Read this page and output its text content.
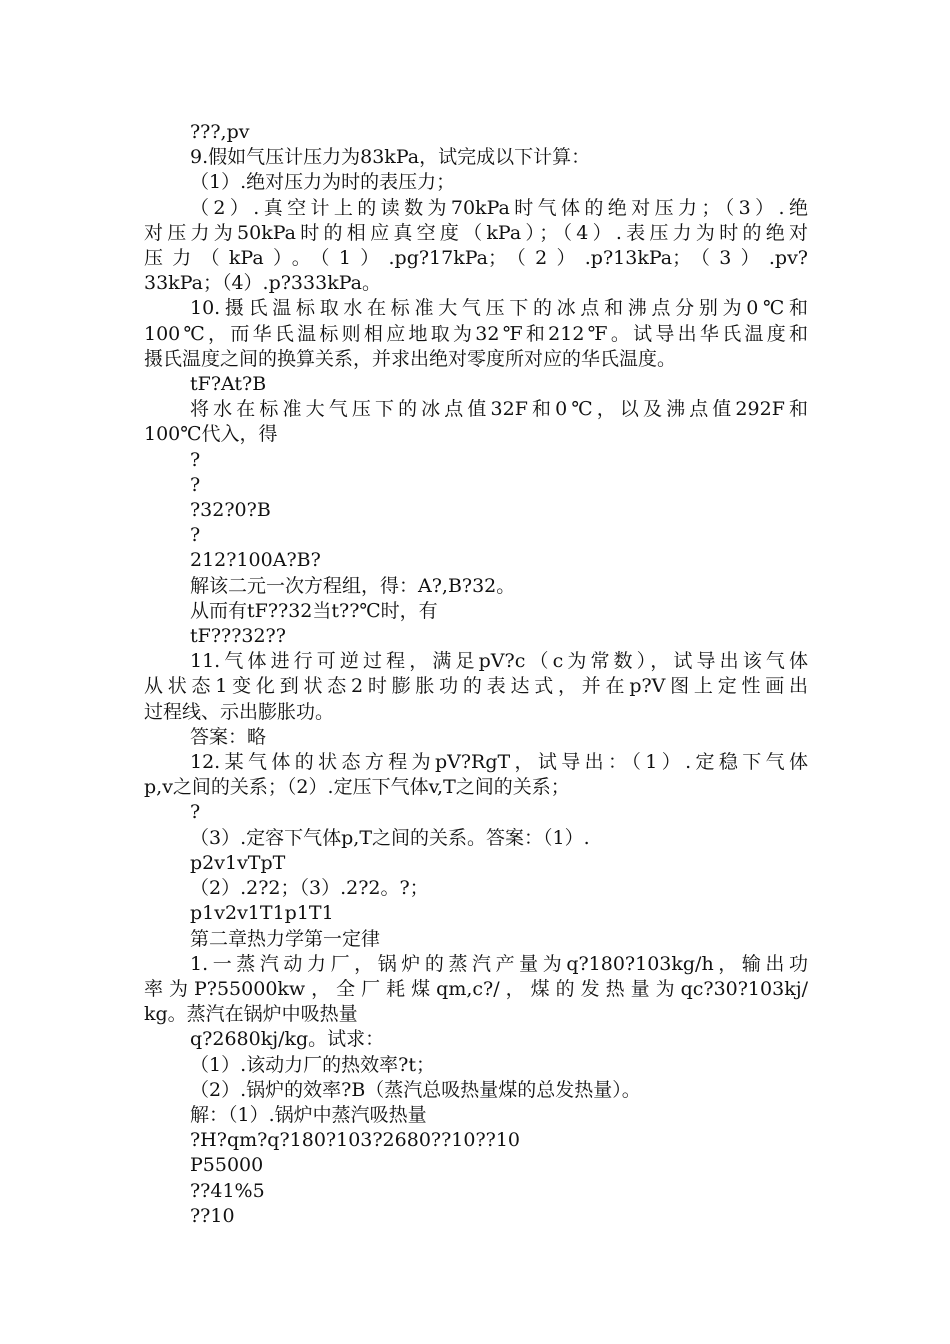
???,pv
9.假如气压计压力为83kPa，试完成以下计算：
（1）.绝对压力为时的表压力；
（2）.真空计上的读数为70kPa时气体的绝对压力；（3）.绝
对压力为50kPa时的相应真空度（kPa）；（4）.表压力为时的绝对
压力（kPa）。（1）.pg?17kPa；（2）.p?13kPa；（3）.pv?
33kPa；（4）.p?333kPa。
10.摄氏温标取水在标准大气压下的冰点和沸点分别为0℃和
100℃，而华氏温标则相应地取为32℉和212℉。试导出华氏温度和
摄氏温度之间的换算关系，并求出绝对零度所对应的华氏温度。
tF?At?B
将水在标准大气压下的冰点值32F和0℃，以及沸点值292F和
100℃代入，得
?
?
?32?0?B
?
212?100A?B?
解该二元一次方程组，得：A?,B?32。
从而有tF??32当t??℃时，有
tF???32??
11.气体进行可逆过程，满足pV?c（c为常数），试导出该气体
从状态1变化到状态2时膨胀功的表达式，并在p?V图上定性画出
过程线、示出膨胀功。
答案：略
12.某气体的状态方程为pV?RgT，试导出：（1）.定稳下气体
p,v之间的关系；（2）.定压下气体v,T之间的关系；
?
（3）.定容下气体p,T之间的关系。答案：（1）.
p2v1vTpT
（2）.2?2；（3）.2?2。?；
p1v2v1T1p1T1
第二章热力学第一定律
1.一蒸汽动力厂，锅炉的蒸汽产量为q?180?103kg/h，输出功
率为P?55000kw，全厂耗煤qm,c?/，煤的发热量为qc?30?103kj/
kg。蒸汽在锅炉中吸热量
q?2680kj/kg。试求：
（1）.该动力厂的热效率?t；
（2）.锅炉的效率?B（蒸汽总吸热量煤的总发热量）。
解：（1）.锅炉中蒸汽吸热量
?H?qm?q?180?103?2680??10??10
P55000
??41%5
??10
